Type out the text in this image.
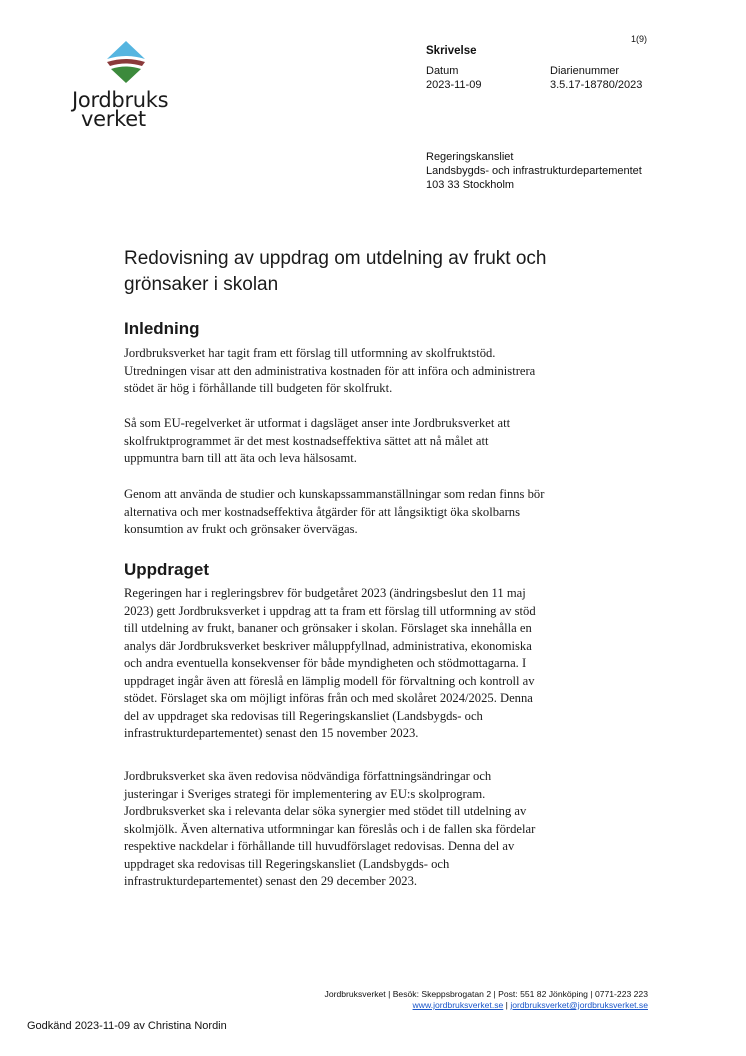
Jordbruks
verket
1(9)
Skrivelse
Datum
2023-11-09
Diarienummer
3.5.17-18780/2023
Regeringskansliet
Landsbygds- och infrastrukturdepartementet
103 33 Stockholm
Redovisning av uppdrag om utdelning av frukt och
grönsaker i skolan
Inledning

Jordbruksverket har tagit fram ett förslag till utformning av skolfruktstöd.
Utredningen visar att den administrativa kostnaden för att införa och administrera
stödet är hög i förhållande till budgeten för skolfrukt.

Så som EU-regelverket är utformat i dagsläget anser inte Jordbruksverket att
skolfruktprogrammet är det mest kostnadseffektiva sättet att nå målet att
uppmuntra barn till att äta och leva hälsosamt.

Genom att använda de studier och kunskapssammanställningar som redan finns bör
alternativa och mer kostnadseffektiva åtgärder för att långsiktigt öka skolbarns
konsumtion av frukt och grönsaker övervägas.

Uppdraget

Regeringen har i regleringsbrev för budgetåret 2023 (ändringsbeslut den 11 maj
2023) gett Jordbruksverket i uppdrag att ta fram ett förslag till utformning av stöd
till utdelning av frukt, bananer och grönsaker i skolan. Förslaget ska innehålla en
analys där Jordbruksverket beskriver måluppfyllnad, administrativa, ekonomiska
och andra eventuella konsekvenser för både myndigheten och stödmottagarna. I
uppdraget ingår även att föreslå en lämplig modell för förvaltning och kontroll av
stödet. Förslaget ska om möjligt införas från och med skolåret 2024/2025. Denna
del av uppdraget ska redovisas till Regeringskansliet (Landsbygds- och
infrastrukturdepartementet) senast den 15 november 2023.

Jordbruksverket ska även redovisa nödvändiga författningsändringar och
justeringar i Sveriges strategi för implementering av EU:s skolprogram.
Jordbruksverket ska i relevanta delar söka synergier med stödet till utdelning av
skolmjölk. Även alternativa utformningar kan föreslås och i de fallen ska fördelar
respektive nackdelar i förhållande till huvudförslaget redovisas. Denna del av
uppdraget ska redovisas till Regeringskansliet (Landsbygds- och
infrastrukturdepartementet) senast den 29 december 2023.

Jordbruksverket | Besök: Skeppsbrogatan 2 | Post: 551 82 Jönköping | 0771-223 223
www.jordbruksverket.se | jordbruksverket@jordbruksverket.se
Godkänd 2023-11-09 av Christina Nordin
